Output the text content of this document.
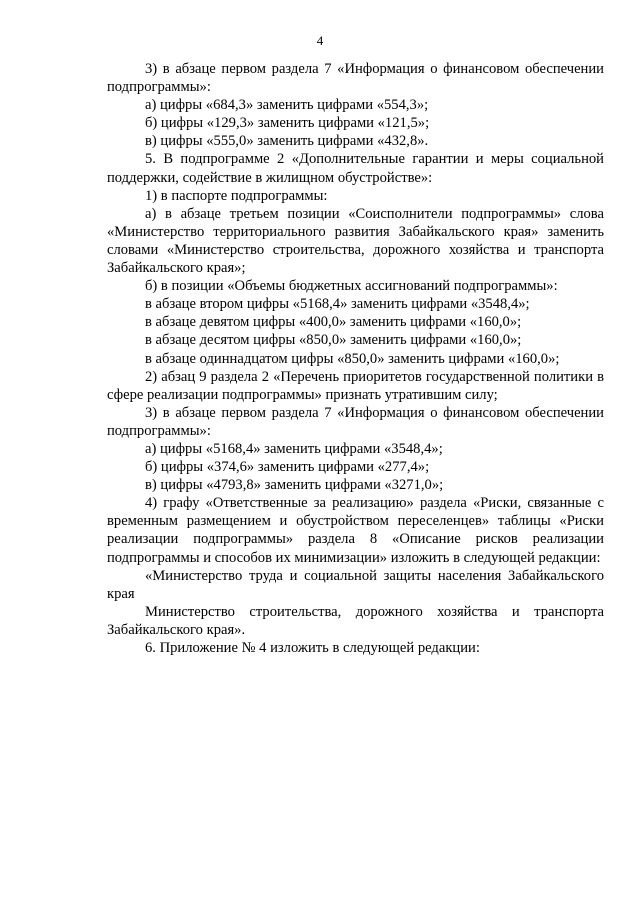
4

3) в абзаце первом раздела 7 «Информация о финансовом обеспечении подпрограммы»:

а) цифры «684,3» заменить цифрами «554,3»;

б) цифры «129,3» заменить цифрами «121,5»;

в) цифры «555,0» заменить цифрами «432,8».

5. В подпрограмме 2 «Дополнительные гарантии и меры социальной поддержки, содействие в жилищном обустройстве»:

1) в паспорте подпрограммы:

а) в абзаце третьем позиции «Соисполнители подпрограммы» слова «Министерство территориального развития Забайкальского края» заменить словами «Министерство строительства, дорожного хозяйства и транспорта Забайкальского края»;

б) в позиции «Объемы бюджетных ассигнований подпрограммы»:

в абзаце втором цифры «5168,4» заменить цифрами «3548,4»;

в абзаце девятом цифры «400,0» заменить цифрами «160,0»;

в абзаце десятом цифры «850,0» заменить цифрами «160,0»;

в абзаце одиннадцатом цифры «850,0» заменить цифрами «160,0»;

2) абзац 9 раздела 2 «Перечень приоритетов государственной политики в сфере реализации подпрограммы» признать утратившим силу;

3) в абзаце первом раздела 7 «Информация о финансовом обеспечении подпрограммы»:

а) цифры «5168,4» заменить цифрами «3548,4»;

б) цифры «374,6» заменить цифрами «277,4»;

в) цифры «4793,8» заменить цифрами «3271,0»;

4) графу «Ответственные за реализацию» раздела «Риски, связанные с временным размещением и обустройством переселенцев» таблицы «Риски реализации подпрограммы» раздела 8 «Описание рисков реализации подпрограммы и способов их минимизации» изложить в следующей редакции:

«Министерство труда и социальной защиты населения Забайкальского края

Министерство строительства, дорожного хозяйства и транспорта Забайкальского края».

6. Приложение № 4 изложить в следующей редакции:
